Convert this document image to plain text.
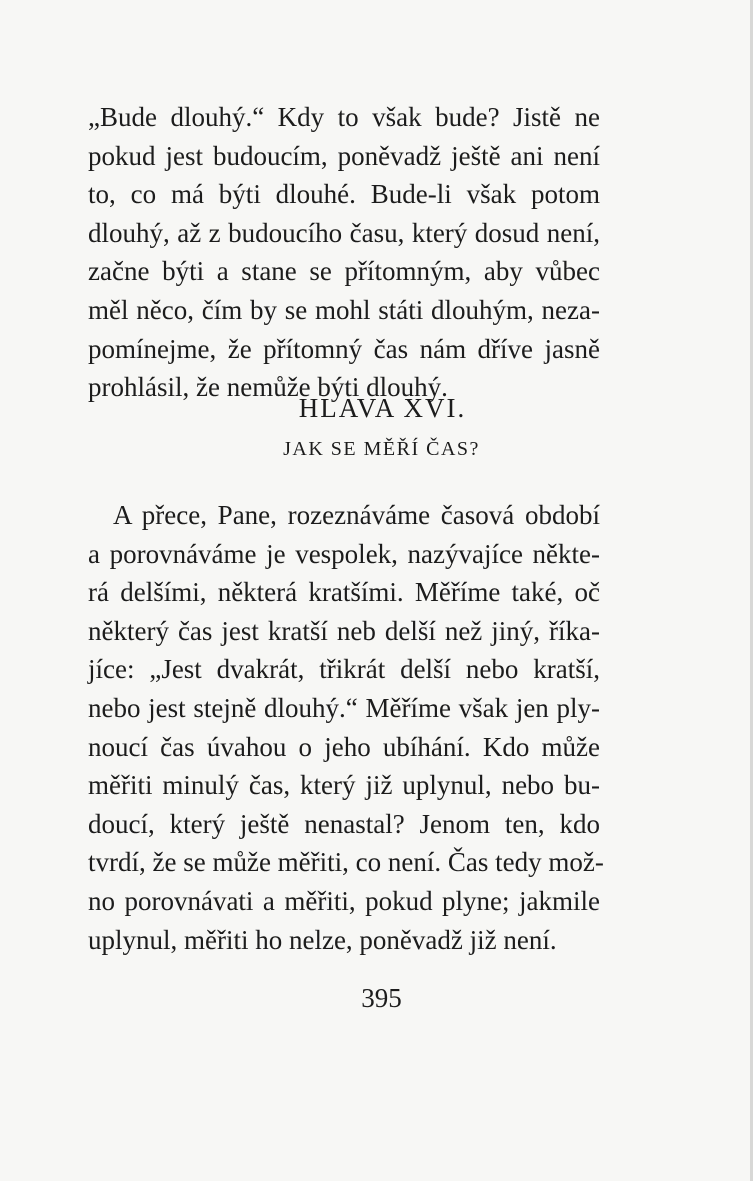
„Bude dlouhý.“ Kdy to však bude? Jistě ne
pokud jest budoucím, poněvadž ještě ani není
to, co má býti dlouhé. Bude-li však potom
dlouhý, až z budoucího času, který dosud není,
začne býti a stane se přítomným, aby vůbec
měl něco, čím by se mohl státi dlouhým, neza-
pomínejme, že přítomný čas nám dříve jasně
prohlásil, že nemůže býti dlouhý.
HLAVA XVI.
JAK SE MĚŘÍ ČAS?
A přece, Pane, rozeznáváme časová období
a porovnáváme je vespolek, nazývajíce někte-
rá delšími, některá kratšími. Měříme také, oč
některý čas jest kratší neb delší než jiný, říka-
jíce: „Jest dvakrát, třikrát delší nebo kratší,
nebo jest stejně dlouhý.“ Měříme však jen ply-
noucí čas úvahou o jeho ubíhání. Kdo může
měřiti minulý čas, který již uplynul, nebo bu-
doucí, který ještě nenastal? Jenom ten, kdo
tvrdí, že se může měřiti, co není. Čas tedy mož-
no porovnávati a měřiti, pokud plyne; jakmile
uplynul, měřiti ho nelze, poněvadž již není.
395
